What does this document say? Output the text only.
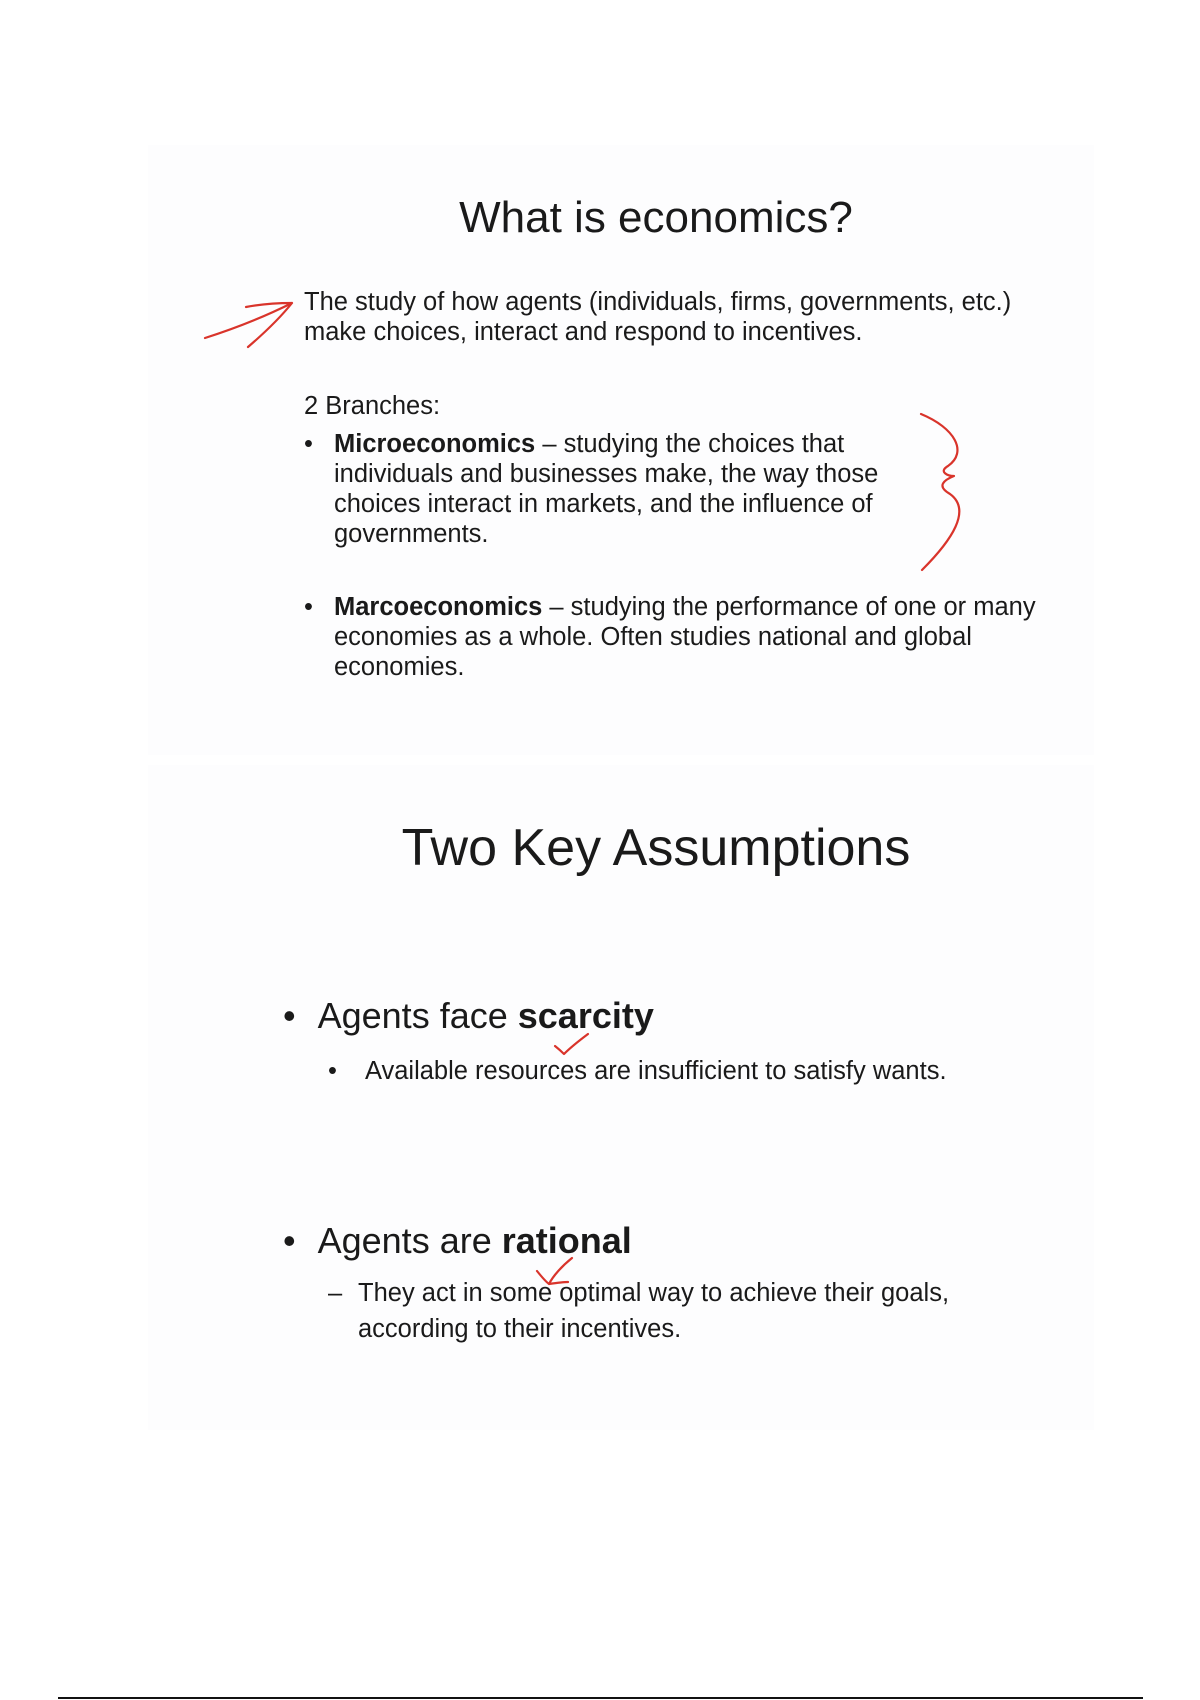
What is economics?
The study of how agents (individuals, firms, governments, etc.) make choices, interact and respond to incentives.
2 Branches:
• Microeconomics – studying the choices that individuals and businesses make, the way those choices interact in markets, and the influence of governments.
• Marcoeconomics – studying the performance of one or many economies as a whole. Often studies national and global economies.
Two Key Assumptions
• Agents face scarcity
• Available resources are insufficient to satisfy wants.
• Agents are rational
– They act in some optimal way to achieve their goals, according to their incentives.
